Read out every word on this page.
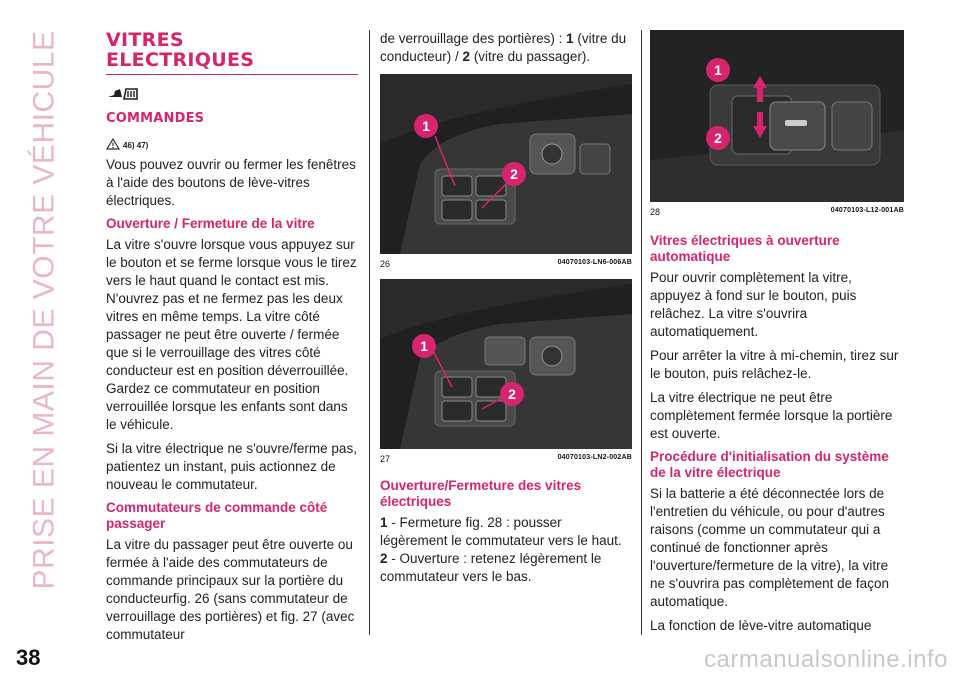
PRISE EN MAIN DE VOTRE VÉHICULE VITRES
ELECTRIQUES
COMMANDES
46) 47)

Vous pouvez ouvrir ou fermer les fenêtres à l'aide des boutons de lève-vitres électriques.

Ouverture / Fermeture de la vitre

La vitre s'ouvre lorsque vous appuyez sur le bouton et se ferme lorsque vous le tirez vers le haut quand le contact est mis. N'ouvrez pas et ne fermez pas les deux vitres en même temps. La vitre côté passager ne peut être ouverte / fermée que si le verrouillage des vitres côté conducteur est en position déverrouillée. Gardez ce commutateur en position verrouillée lorsque les enfants sont dans le véhicule.

Si la vitre électrique ne s'ouvre/ferme pas, patientez un instant, puis actionnez de nouveau le commutateur.

Commutateurs de commande côté passager

La vitre du passager peut être ouverte ou fermée à l'aide des commutateurs de commande principaux sur la portière du conducteurfig. 26 (sans commutateur de verrouillage des portières) et fig. 27 (avec commutateur

de verrouillage des portières) : 1 (vitre du conducteur) / 2 (vitre du passager).

1
2
26	04070103-LN6-006AB
1
2
27	04070103-LN2-002AB
Ouverture/Fermeture des vitres électriques

1 - Fermeture fig. 28 : pousser légèrement le commutateur vers le haut. 2 - Ouverture : retenez légèrement le commutateur vers le bas.

1
2
28	04070103-L12-001AB
Vitres électriques à ouverture automatique

Pour ouvrir complètement la vitre, appuyez à fond sur le bouton, puis relâchez. La vitre s'ouvrira automatiquement.

Pour arrêter la vitre à mi-chemin, tirez sur le bouton, puis relâchez-le.

La vitre électrique ne peut être complètement fermée lorsque la portière est ouverte.

Procédure d'initialisation du système de la vitre électrique

Si la batterie a été déconnectée lors de l'entretien du véhicule, ou pour d'autres raisons (comme un commutateur qui a continué de fonctionner après l'ouverture/fermeture de la vitre), la vitre ne s'ouvrira pas complètement de façon automatique.

La fonction de lève-vitre automatique

38	carmanualsonline.info
